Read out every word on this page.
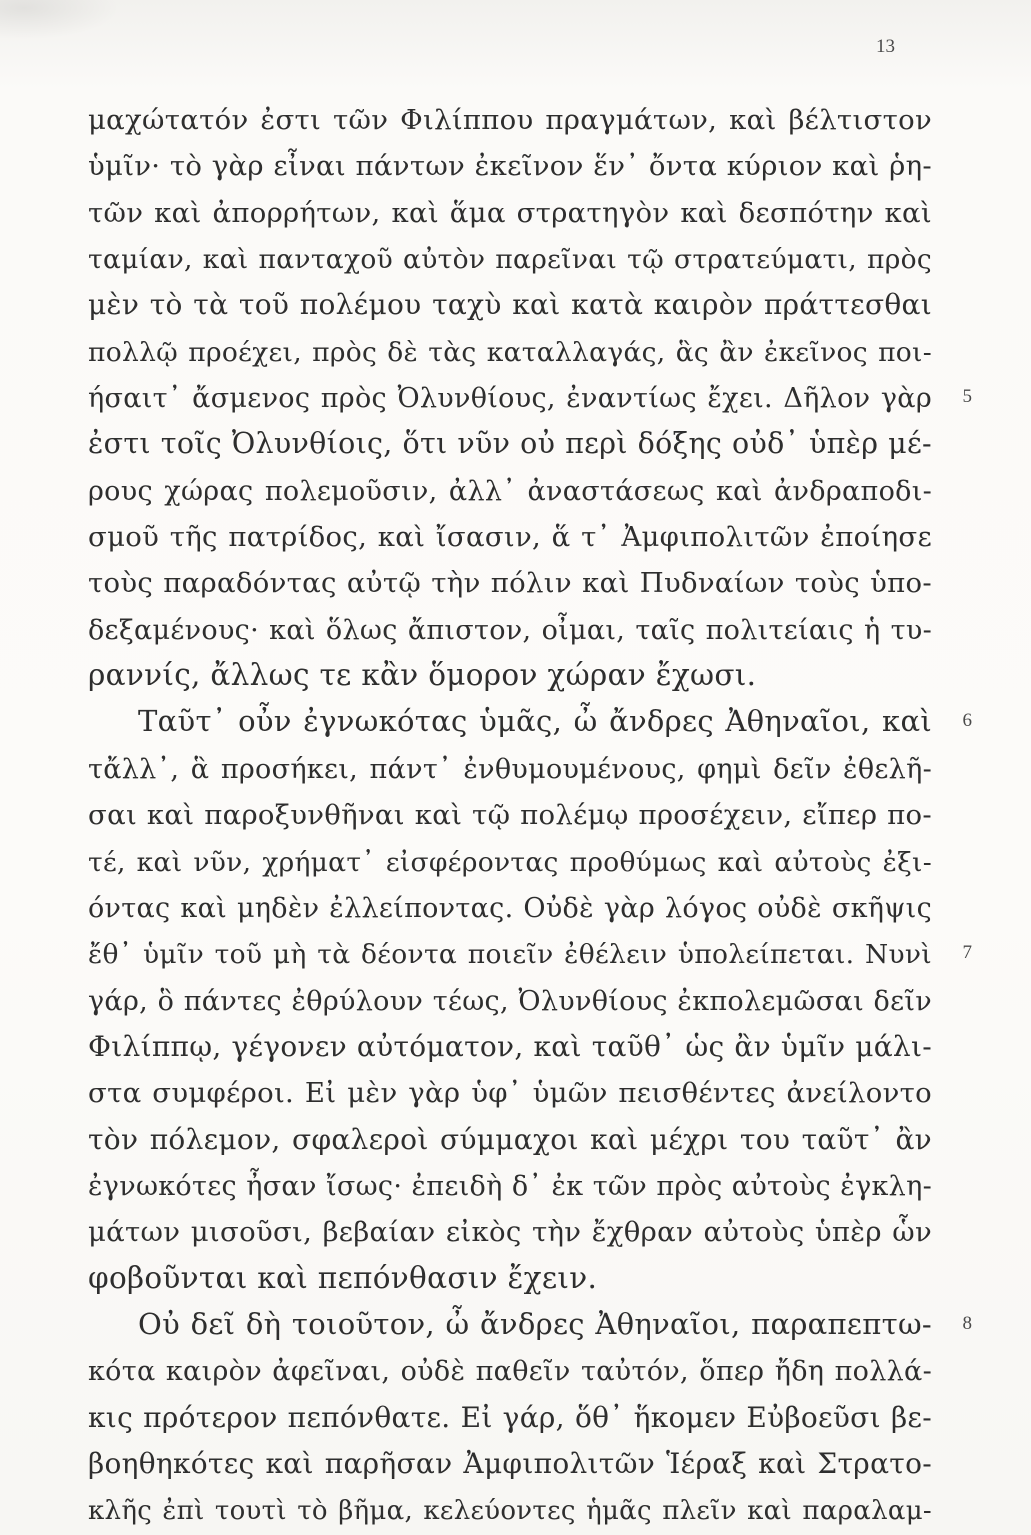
13
μαχώτατόν ἐστι τῶν Φιλίππου πραγμάτων, καὶ βέλτιστον
ὑμῖν· τὸ γὰρ εἶναι πάντων ἐκεῖνον ἕν᾽ ὄντα κύριον καὶ ῥη-
τῶν καὶ ἀπορρήτων, καὶ ἅμα στρατηγὸν καὶ δεσπότην καὶ
ταμίαν, καὶ πανταχοῦ αὐτὸν παρεῖναι τῷ στρατεύματι, πρὸς
μὲν τὸ τὰ τοῦ πολέμου ταχὺ καὶ κατὰ καιρὸν πράττεσθαι
πολλῷ προέχει, πρὸς δὲ τὰς καταλλαγάς, ἃς ἂν ἐκεῖνος ποι-
ήσαιτ᾽ ἄσμενος πρὸς Ὀλυνθίους, ἐναντίως ἔχει. Δῆλον γὰρ 5
ἐστι τοῖς Ὀλυνθίοις, ὅτι νῦν οὐ περὶ δόξης οὐδ᾽ ὑπὲρ μέ-
ρους χώρας πολεμοῦσιν, ἀλλ᾽ ἀναστάσεως καὶ ἀνδραποδι-
σμοῦ τῆς πατρίδος, καὶ ἴσασιν, ἅ τ᾽ Ἀμφιπολιτῶν ἐποίησε
τοὺς παραδόντας αὐτῷ τὴν πόλιν καὶ Πυδναίων τοὺς ὑπο-
δεξαμένους· καὶ ὅλως ἄπιστον, οἶμαι, ταῖς πολιτείαις ἡ τυ-
ραννίς, ἄλλως τε κἂν ὅμορον χώραν ἔχωσι.
Ταῦτ᾽ οὖν ἐγνωκότας ὑμᾶς, ὦ ἄνδρες Ἀθηναῖοι, καὶ 6
τἄλλ᾽, ἃ προσήκει, πάντ᾽ ἐνθυμουμένους, φημὶ δεῖν ἐθελῆ-
σαι καὶ παροξυνθῆναι καὶ τῷ πολέμῳ προσέχειν, εἴπερ πο-
τέ, καὶ νῦν, χρήματ᾽ εἰσφέροντας προθύμως καὶ αὐτοὺς ἐξι-
όντας καὶ μηδὲν ἐλλείποντας. Οὐδὲ γὰρ λόγος οὐδὲ σκῆψις
ἔθ᾽ ὑμῖν τοῦ μὴ τὰ δέοντα ποιεῖν ἐθέλειν ὑπολείπεται. Νυνὶ 7
γάρ, ὃ πάντες ἐθρύλουν τέως, Ὀλυνθίους ἐκπολεμῶσαι δεῖν
Φιλίππῳ, γέγονεν αὐτόματον, καὶ ταῦθ᾽ ὡς ἂν ὑμῖν μάλι-
στα συμφέροι. Εἰ μὲν γὰρ ὑφ᾽ ὑμῶν πεισθέντες ἀνείλοντο
τὸν πόλεμον, σφαλεροὶ σύμμαχοι καὶ μέχρι του ταῦτ᾽ ἂν
ἐγνωκότες ἦσαν ἴσως· ἐπειδὴ δ᾽ ἐκ τῶν πρὸς αὐτοὺς ἐγκλη-
μάτων μισοῦσι, βεβαίαν εἰκὸς τὴν ἔχθραν αὐτοὺς ὑπὲρ ὧν
φοβοῦνται καὶ πεπόνθασιν ἔχειν.
Οὐ δεῖ δὴ τοιοῦτον, ὦ ἄνδρες Ἀθηναῖοι, παραπεπτω- 8
κότα καιρὸν ἀφεῖναι, οὐδὲ παθεῖν ταὐτόν, ὅπερ ἤδη πολλά-
κις πρότερον πεπόνθατε. Εἰ γάρ, ὅθ᾽ ἥκομεν Εὐβοεῦσι βε-
βοηθηκότες καὶ παρῆσαν Ἀμφιπολιτῶν Ἱέραξ καὶ Στρατο-
κλῆς ἐπὶ τουτὶ τὸ βῆμα, κελεύοντες ἡμᾶς πλεῖν καὶ παραλαμ-
